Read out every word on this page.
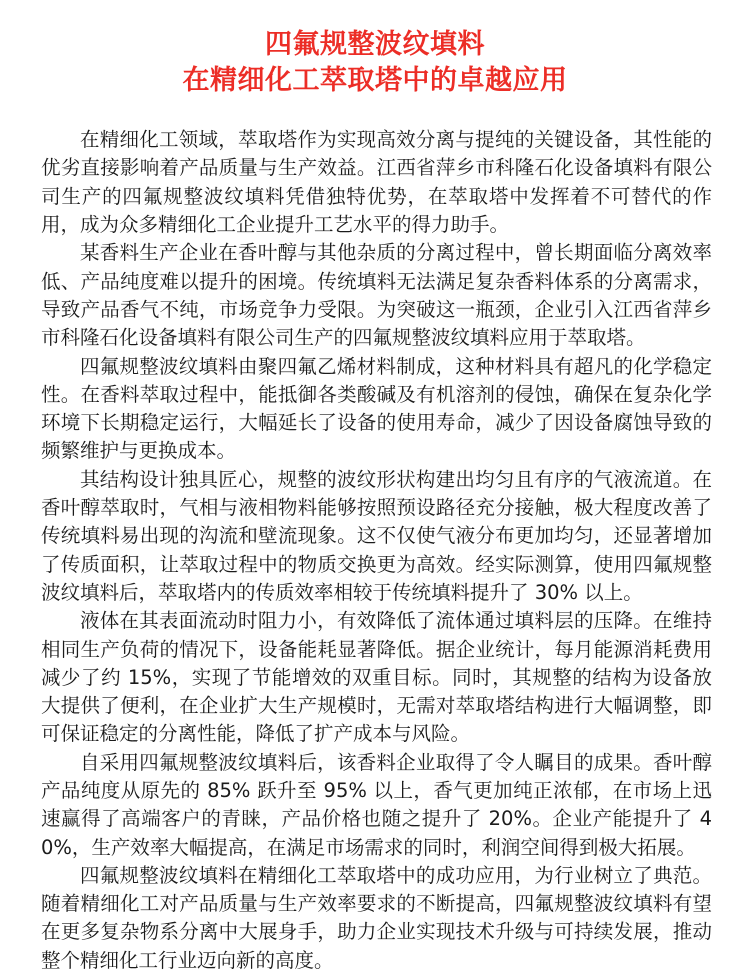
四氟规整波纹填料
在精细化工萃取塔中的卓越应用

在精细化工领域，萃取塔作为实现高效分离与提纯的关键设备，其性能的优劣直接影响着产品质量与生产效益。江西省萍乡市科隆石化设备填料有限公司生产的四氟规整波纹填料凭借独特优势，在萃取塔中发挥着不可替代的作用，成为众多精细化工企业提升工艺水平的得力助手。

某香料生产企业在香叶醇与其他杂质的分离过程中，曾长期面临分离效率低、产品纯度难以提升的困境。传统填料无法满足复杂香料体系的分离需求，导致产品香气不纯，市场竞争力受限。为突破这一瓶颈，企业引入江西省萍乡市科隆石化设备填料有限公司生产的四氟规整波纹填料应用于萃取塔。

四氟规整波纹填料由聚四氟乙烯材料制成，这种材料具有超凡的化学稳定性。在香料萃取过程中，能抵御各类酸碱及有机溶剂的侵蚀，确保在复杂化学环境下长期稳定运行，大幅延长了设备的使用寿命，减少了因设备腐蚀导致的频繁维护与更换成本。

其结构设计独具匠心，规整的波纹形状构建出均匀且有序的气液流道。在香叶醇萃取时，气相与液相物料能够按照预设路径充分接触，极大程度改善了传统填料易出现的沟流和壁流现象。这不仅使气液分布更加均匀，还显著增加了传质面积，让萃取过程中的物质交换更为高效。经实际测算，使用四氟规整波纹填料后，萃取塔内的传质效率相较于传统填料提升了 30% 以上。

液体在其表面流动时阻力小，有效降低了流体通过填料层的压降。在维持相同生产负荷的情况下，设备能耗显著降低。据企业统计，每月能源消耗费用减少了约 15%，实现了节能增效的双重目标。同时，其规整的结构为设备放大提供了便利，在企业扩大生产规模时，无需对萃取塔结构进行大幅调整，即可保证稳定的分离性能，降低了扩产成本与风险。

自采用四氟规整波纹填料后，该香料企业取得了令人瞩目的成果。香叶醇产品纯度从原先的 85% 跃升至 95% 以上，香气更加纯正浓郁，在市场上迅速赢得了高端客户的青睐，产品价格也随之提升了 20%。企业产能提升了 40%，生产效率大幅提高，在满足市场需求的同时，利润空间得到极大拓展。

四氟规整波纹填料在精细化工萃取塔中的成功应用，为行业树立了典范。随着精细化工对产品质量与生产效率要求的不断提高，四氟规整波纹填料有望在更多复杂物系分离中大展身手，助力企业实现技术升级与可持续发展，推动整个精细化工行业迈向新的高度。
